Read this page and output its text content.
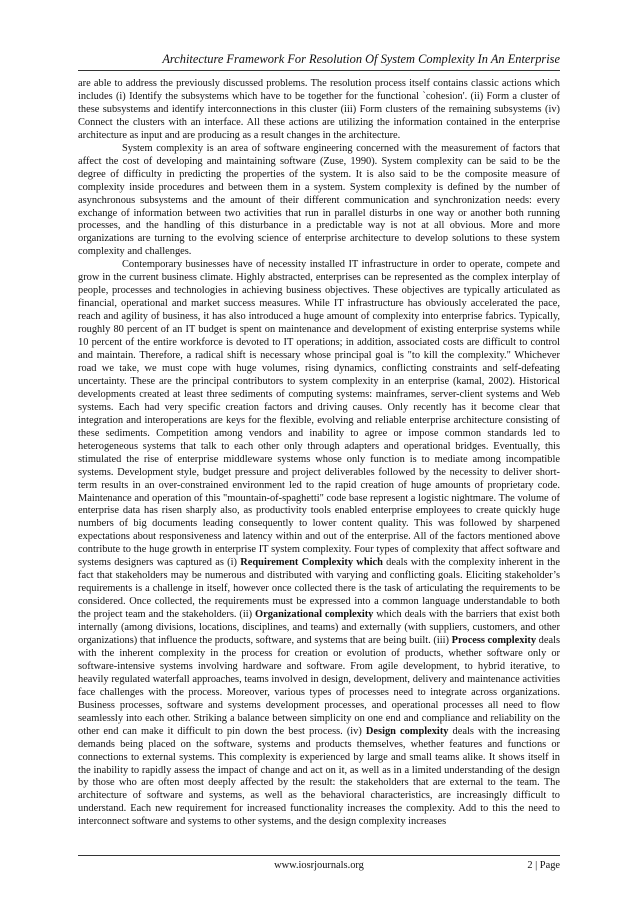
Architecture Framework For Resolution Of System Complexity In An Enterprise

are able to address the previously discussed problems. The resolution process itself contains classic actions which includes (i) Identify the subsystems which have to be together for the functional `cohesion'. (ii) Form a cluster of these subsystems and identify interconnections in this cluster (iii) Form clusters of the remaining subsystems (iv) Connect the clusters with an interface. All these actions are utilizing the information contained in the enterprise architecture as input and are producing as a result changes in the architecture.

System complexity is an area of software engineering concerned with the measurement of factors that affect the cost of developing and maintaining software (Zuse, 1990). System complexity can be said to be the degree of difficulty in predicting the properties of the system. It is also said to be the composite measure of complexity inside procedures and between them in a system. System complexity is defined by the number of asynchronous subsystems and the amount of their different communication and synchronization needs: every exchange of information between two activities that run in parallel disturbs in one way or another both running processes, and the handling of this disturbance in a predictable way is not at all obvious. More and more organizations are turning to the evolving science of enterprise architecture to develop solutions to these system complexity and challenges.

Contemporary businesses have of necessity installed IT infrastructure in order to operate, compete and grow in the current business climate. Highly abstracted, enterprises can be represented as the complex interplay of people, processes and technologies in achieving business objectives. These objectives are typically articulated as financial, operational and market success measures. While IT infrastructure has obviously accelerated the pace, reach and agility of business, it has also introduced a huge amount of complexity into enterprise fabrics. Typically, roughly 80 percent of an IT budget is spent on maintenance and development of existing enterprise systems while 10 percent of the entire workforce is devoted to IT operations; in addition, associated costs are difficult to control and maintain. Therefore, a radical shift is necessary whose principal goal is "to kill the complexity." Whichever road we take, we must cope with huge volumes, rising dynamics, conflicting constraints and self-defeating uncertainty. These are the principal contributors to system complexity in an enterprise (kamal, 2002). Historical developments created at least three sediments of computing systems: mainframes, server-client systems and Web systems. Each had very specific creation factors and driving causes. Only recently has it become clear that integration and interoperations are keys for the flexible, evolving and reliable enterprise architecture consisting of these sediments. Competition among vendors and inability to agree or impose common standards led to heterogeneous systems that talk to each other only through adapters and operational bridges. Eventually, this stimulated the rise of enterprise middleware systems whose only function is to mediate among incompatible systems. Development style, budget pressure and project deliverables followed by the necessity to deliver short-term results in an over-constrained environment led to the rapid creation of huge amounts of proprietary code. Maintenance and operation of this "mountain-of-spaghetti" code base represent a logistic nightmare. The volume of enterprise data has risen sharply also, as productivity tools enabled enterprise employees to create quickly huge numbers of big documents leading consequently to lower content quality. This was followed by sharpened expectations about responsiveness and latency within and out of the enterprise. All of the factors mentioned above contribute to the huge growth in enterprise IT system complexity. Four types of complexity that affect software and systems designers was captured as (i) Requirement Complexity which deals with the complexity inherent in the fact that stakeholders may be numerous and distributed with varying and conflicting goals. Eliciting stakeholder’s requirements is a challenge in itself, however once collected there is the task of articulating the requirements to be considered. Once collected, the requirements must be expressed into a common language understandable to both the project team and the stakeholders. (ii) Organizational complexity which deals with the barriers that exist both internally (among divisions, locations, disciplines, and teams) and externally (with suppliers, customers, and other organizations) that influence the products, software, and systems that are being built. (iii) Process complexity deals with the inherent complexity in the process for creation or evolution of products, whether software only or software-intensive systems involving hardware and software. From agile development, to hybrid iterative, to heavily regulated waterfall approaches, teams involved in design, development, delivery and maintenance activities face challenges with the process. Moreover, various types of processes need to integrate across organizations. Business processes, software and systems development processes, and operational processes all need to flow seamlessly into each other. Striking a balance between simplicity on one end and compliance and reliability on the other end can make it difficult to pin down the best process. (iv) Design complexity deals with the increasing demands being placed on the software, systems and products themselves, whether features and functions or connections to external systems. This complexity is experienced by large and small teams alike. It shows itself in the inability to rapidly assess the impact of change and act on it, as well as in a limited understanding of the design by those who are often most deeply affected by the result: the stakeholders that are external to the team. The architecture of software and systems, as well as the behavioral characteristics, are increasingly difficult to understand. Each new requirement for increased functionality increases the complexity. Add to this the need to interconnect software and systems to other systems, and the design complexity increases

www.iosrjournals.org	2 | Page
